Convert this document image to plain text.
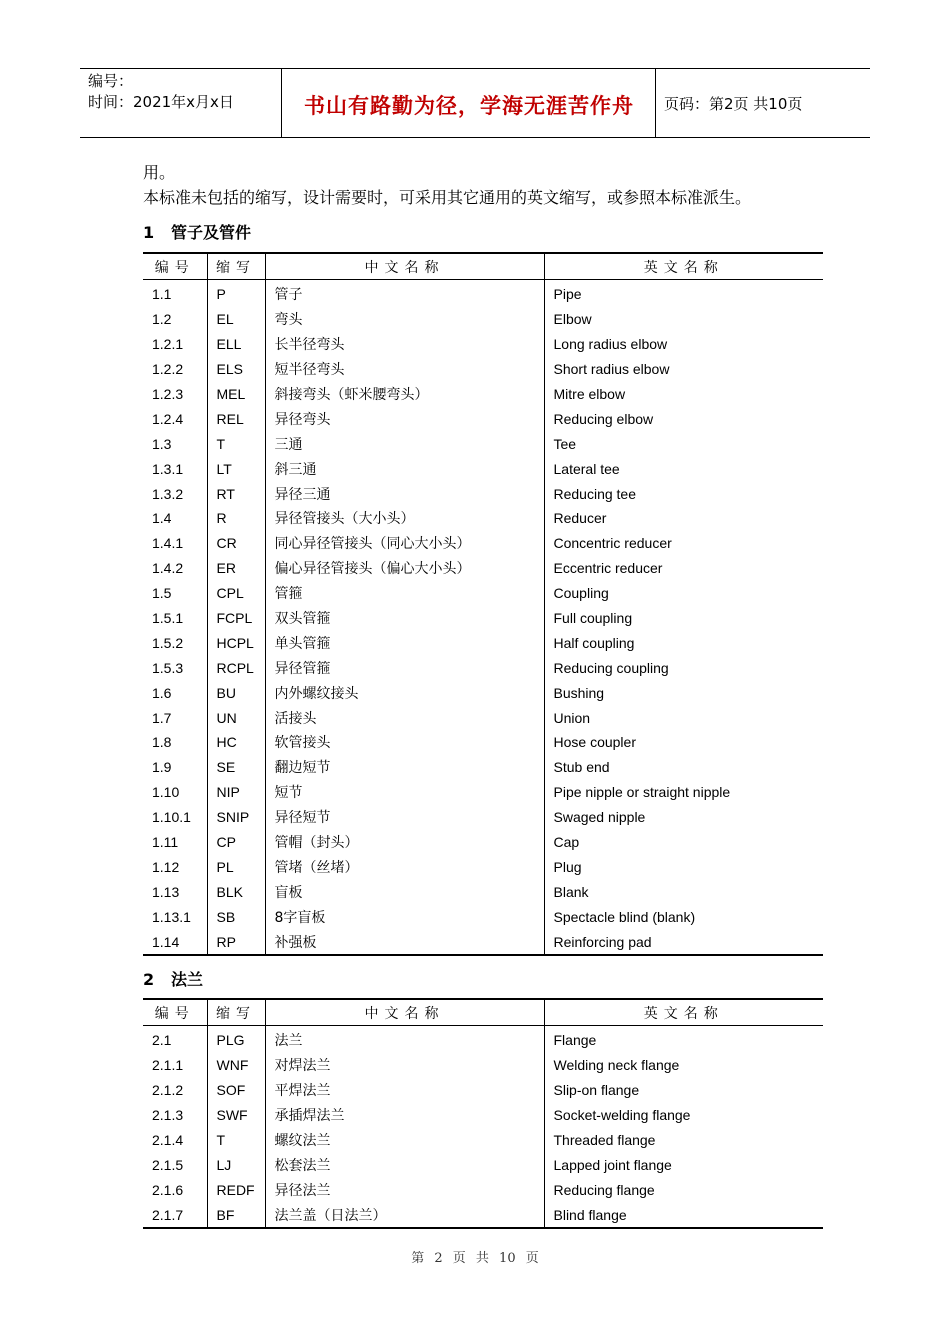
编号：
时间：2021年x月x日	书山有路勤为径，学海无涯苦作舟	页码：第2页 共10页
用。
本标准未包括的缩写，设计需要时，可采用其它通用的英文缩写，或参照本标准派生。
1 管子及管件
编号	缩写	中文名称	英文名称
1.1	P	管子	Pipe
1.2	EL	弯头	Elbow
1.2.1	ELL	长半径弯头	Long radius elbow
1.2.2	ELS	短半径弯头	Short radius elbow
1.2.3	MEL	斜接弯头（虾米腰弯头）	Mitre elbow
1.2.4	REL	异径弯头	Reducing elbow
1.3	T	三通	Tee
1.3.1	LT	斜三通	Lateral tee
1.3.2	RT	异径三通	Reducing tee
1.4	R	异径管接头（大小头）	Reducer
1.4.1	CR	同心异径管接头（同心大小头）	Concentric reducer
1.4.2	ER	偏心异径管接头（偏心大小头）	Eccentric reducer
1.5	CPL	管箍	Coupling
1.5.1	FCPL	双头管箍	Full coupling
1.5.2	HCPL	单头管箍	Half coupling
1.5.3	RCPL	异径管箍	Reducing coupling
1.6	BU	内外螺纹接头	Bushing
1.7	UN	活接头	Union
1.8	HC	软管接头	Hose coupler
1.9	SE	翻边短节	Stub end
1.10	NIP	短节	Pipe nipple or straight nipple
1.10.1	SNIP	异径短节	Swaged nipple
1.11	CP	管帽（封头）	Cap
1.12	PL	管堵（丝堵）	Plug
1.13	BLK	盲板	Blank
1.13.1	SB	8字盲板	Spectacle blind (blank)
1.14	RP	补强板	Reinforcing pad
2 法兰
编号	缩写	中文名称	英文名称
2.1	PLG	法兰	Flange
2.1.1	WNF	对焊法兰	Welding neck flange
2.1.2	SOF	平焊法兰	Slip-on flange
2.1.3	SWF	承插焊法兰	Socket-welding flange
2.1.4	T	螺纹法兰	Threaded flange
2.1.5	LJ	松套法兰	Lapped joint flange
2.1.6	REDF	异径法兰	Reducing flange
2.1.7	BF	法兰盖（日法兰）	Blind flange
第 2 页 共 10 页
